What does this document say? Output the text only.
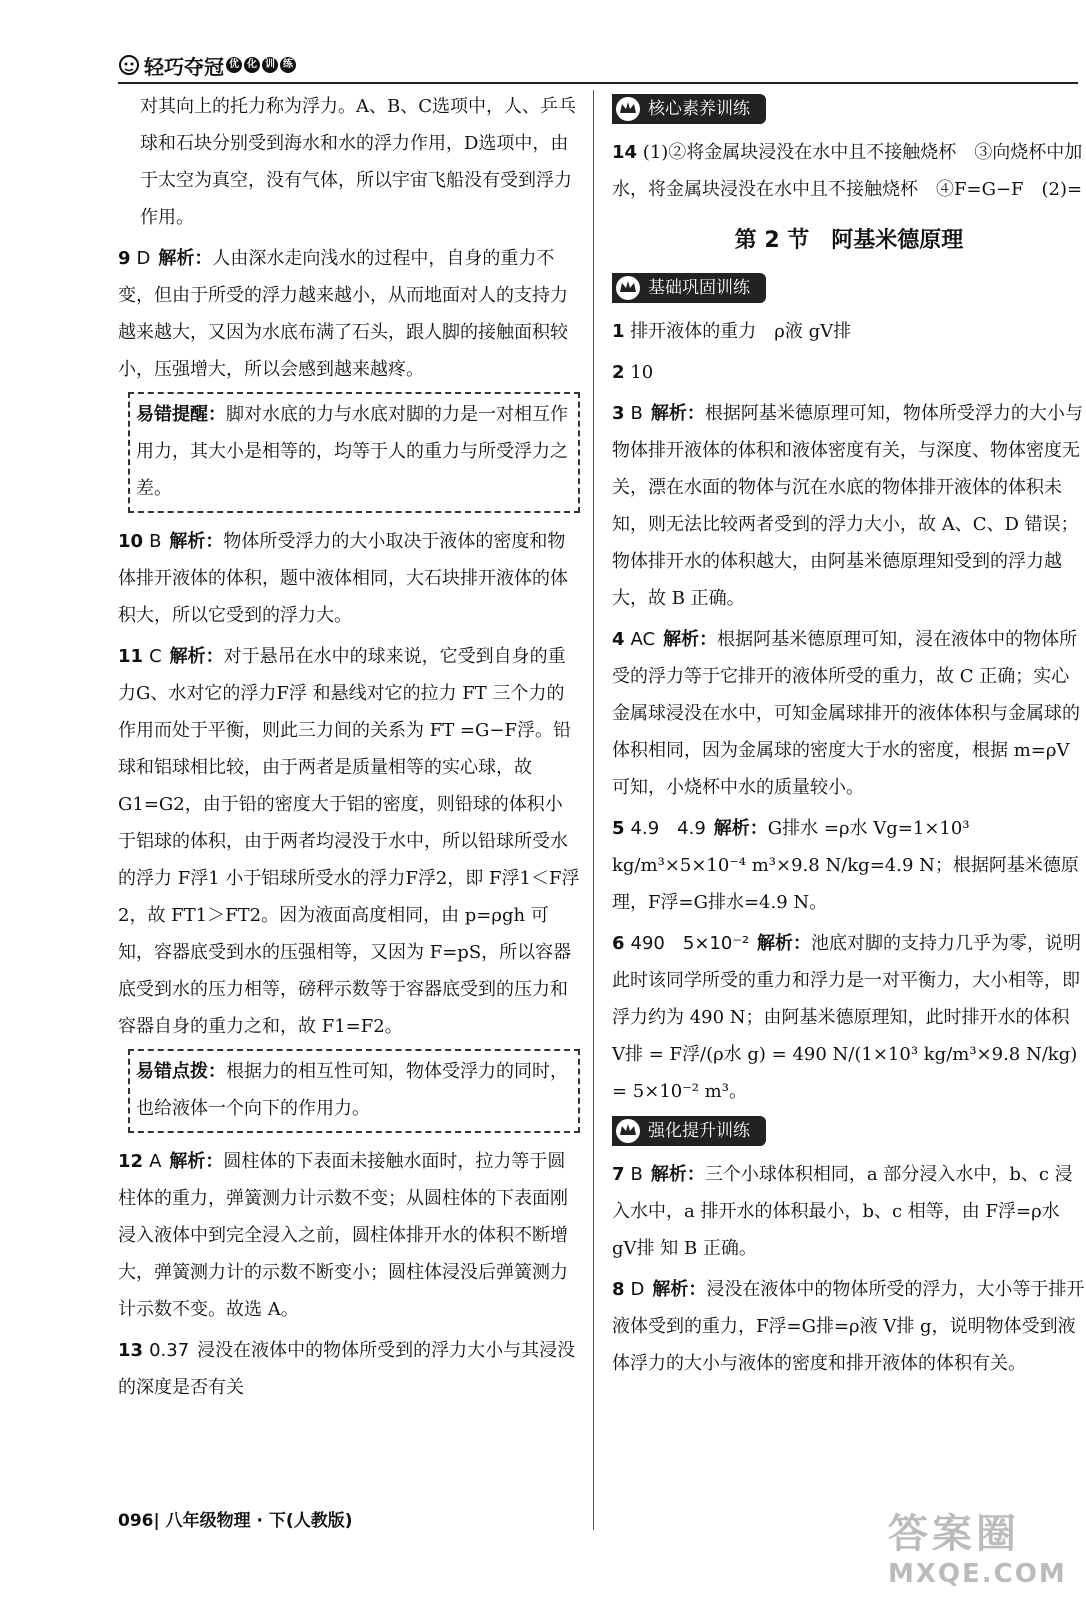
轻巧夺冠 优 化 训 练

对其向上的托力称为浮力。A、B、C选项中，人、乒乓球和石块分别受到海水和水的浮力作用，D选项中，由于太空为真空，没有气体，所以宇宙飞船没有受到浮力作用。

9 D 解析：人由深水走向浅水的过程中，自身的重力不变，但由于所受的浮力越来越小，从而地面对人的支持力越来越大，又因为水底布满了石头，跟人脚的接触面积较小，压强增大，所以会感到越来越疼。
易错提醒：脚对水底的力与水底对脚的力是一对相互作用力，其大小是相等的，均等于人的重力与所受浮力之差。
10 B 解析：物体所受浮力的大小取决于液体的密度和物体排开液体的体积，题中液体相同，大石块排开液体的体积大，所以它受到的浮力大。
11 C 解析：对于悬吊在水中的球来说，它受到自身的重力G、水对它的浮力F浮 和悬线对它的拉力 FT 三个力的作用而处于平衡，则此三力间的关系为 FT =G−F浮。铅球和铝球相比较，由于两者是质量相等的实心球，故G1=G2，由于铅的密度大于铝的密度，则铅球的体积小于铝球的体积，由于两者均浸没于水中，所以铅球所受水的浮力 F浮1 小于铝球所受水的浮力F浮2，即 F浮1＜F浮2，故 FT1＞FT2。因为液面高度相同，由 p=ρgh 可知，容器底受到水的压强相等，又因为 F=pS，所以容器底受到水的压力相等，磅秤示数等于容器底受到的压力和容器自身的重力之和，故 F1=F2。
易错点拨：根据力的相互性可知，物体受浮力的同时，也给液体一个向下的作用力。
12 A 解析：圆柱体的下表面未接触水面时，拉力等于圆柱体的重力，弹簧测力计示数不变；从圆柱体的下表面刚浸入液体中到完全浸入之前，圆柱体排开水的体积不断增大，弹簧测力计的示数不断变小；圆柱体浸没后弹簧测力计示数不变。故选 A。
13 0.37 浸没在液体中的物体所受到的浮力大小与其浸没的深度是否有关
核心素养训练
14 (1)②将金属块浸没在水中且不接触烧杯　③向烧杯中加水，将金属块浸没在水中且不接触烧杯　④F=G−F　(2)=
第 2 节　阿基米德原理
基础巩固训练
1 排开液体的重力　ρ液 gV排
2 10
3 B 解析：根据阿基米德原理可知，物体所受浮力的大小与物体排开液体的体积和液体密度有关，与深度、物体密度无关，漂在水面的物体与沉在水底的物体排开液体的体积未知，则无法比较两者受到的浮力大小，故 A、C、D 错误；物体排开水的体积越大，由阿基米德原理知受到的浮力越大，故 B 正确。
4 AC 解析：根据阿基米德原理可知，浸在液体中的物体所受的浮力等于它排开的液体所受的重力，故 C 正确；实心金属球浸没在水中，可知金属球排开的液体体积与金属球的体积相同，因为金属球的密度大于水的密度，根据 m=ρV 可知，小烧杯中水的质量较小。
5 4.9　4.9 解析：G排水 =ρ水 Vg=1×10³ kg/m³×5×10⁻⁴ m³×9.8 N/kg=4.9 N；根据阿基米德原理，F浮=G排水=4.9 N。
6 490　5×10⁻² 解析：池底对脚的支持力几乎为零，说明此时该同学所受的重力和浮力是一对平衡力，大小相等，即浮力约为 490 N；由阿基米德原理知，此时排开水的体积 V排 = F浮/(ρ水 g) = 490 N/(1×10³ kg/m³×9.8 N/kg) = 5×10⁻² m³。
强化提升训练
7 B 解析：三个小球体积相同，a 部分浸入水中，b、c 浸入水中，a 排开水的体积最小，b、c 相等，由 F浮=ρ水 gV排 知 B 正确。
8 D 解析：浸没在液体中的物体所受的浮力，大小等于排开液体受到的重力，F浮=G排=ρ液 V排 g，说明物体受到液体浮力的大小与液体的密度和排开液体的体积有关。
096| 八年级物理 · 下(人教版)	答案圈
MXQE.COM
